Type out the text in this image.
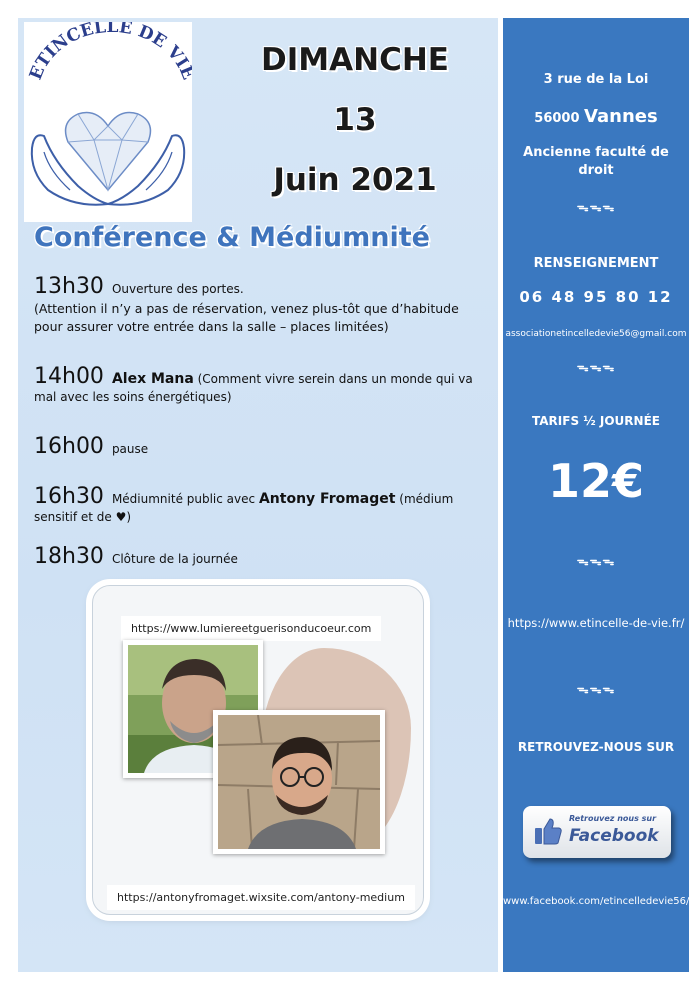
ETINCELLE DE VI	DIMANCHE
13
Juin 2021
Conférence & Médiumnité
13h30 Ouverture des portes.
(Attention il n’y a pas de réservation, venez plus-tôt que d’habitude pour assurer votre entrée dans la salle – places limitées)
14h00 Alex Mana (Comment vivre serein dans un monde qui va mal avec les soins énergétiques)
16h00 pause
16h30 Médiumnité public avec Antony Fromaget (médium sensitif et de ♥)
18h30 Clôture de la journée
https://www.lumiereetguerisonducoeur.com
https://antonyfromaget.wixsite.com/antony-medium
3 rue de la Loi
56000 Vannes
Ancienne faculté de droit
ᯓᯓᯓ
RENSEIGNEMENT
06 48 95 80 12
associationetincelledevie56@gmail.com
ᯓᯓᯓ
TARIFS ½ JOURNÉE
12€
ᯓᯓᯓ
https://www.etincelle-de-vie.fr/
ᯓᯓᯓ
RETROUVEZ-NOUS SUR
Retrouvez nous sur
Facebook
www.facebook.com/etincelledevie56/
